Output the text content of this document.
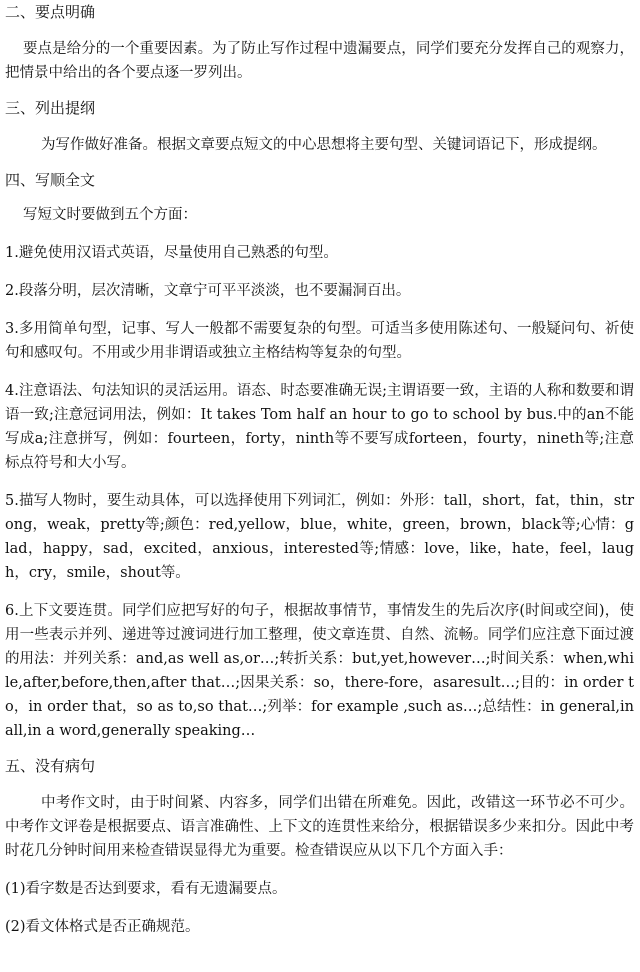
二、要点明确
要点是给分的一个重要因素。为了防止写作过程中遗漏要点，同学们要充分发挥自己的观察力，把情景中给出的各个要点逐一罗列出。
三、列出提纲
为写作做好准备。根据文章要点短文的中心思想将主要句型、关键词语记下，形成提纲。
四、写顺全文
写短文时要做到五个方面：
1.避免使用汉语式英语，尽量使用自己熟悉的句型。
2.段落分明，层次清晰，文章宁可平平淡淡，也不要漏洞百出。
3.多用简单句型，记事、写人一般都不需要复杂的句型。可适当多使用陈述句、一般疑问句、祈使句和感叹句。不用或少用非谓语或独立主格结构等复杂的句型。
4.注意语法、句法知识的灵活运用。语态、时态要准确无误;主谓语要一致，主语的人称和数要和谓语一致;注意冠词用法，例如：It takes Tom half an hour to go to school by bus.中的an不能写成a;注意拼写，例如：fourteen，forty，ninth等不要写成forteen，fourty，nineth等;注意标点符号和大小写。
5.描写人物时，要生动具体，可以选择使用下列词汇，例如：外形：tall，short，fat，thin，strong，weak，pretty等;颜色：red,yellow，blue，white，green，brown，black等;心情：glad，happy，sad，excited，anxious，interested等;情感：love，like，hate，feel，laugh，cry，smile，shout等。
6.上下文要连贯。同学们应把写好的句子，根据故事情节，事情发生的先后次序(时间或空间)，使用一些表示并列、递进等过渡词进行加工整理，使文章连贯、自然、流畅。同学们应注意下面过渡的用法：并列关系：and,as well as,or…;转折关系：but,yet,however…;时间关系：when,while,after,before,then,after that…;因果关系：so，there-fore，asaresult…;目的：in order to，in order that，so as to,so that…;列举：for example ,such as…;总结性：in general,in all,in a word,generally speaking…
五、没有病句
中考作文时，由于时间紧、内容多，同学们出错在所难免。因此，改错这一环节必不可少。中考作文评卷是根据要点、语言准确性、上下文的连贯性来给分，根据错误多少来扣分。因此中考时花几分钟时间用来检查错误显得尤为重要。检查错误应从以下几个方面入手：
(1)看字数是否达到要求，看有无遗漏要点。
(2)看文体格式是否正确规范。
